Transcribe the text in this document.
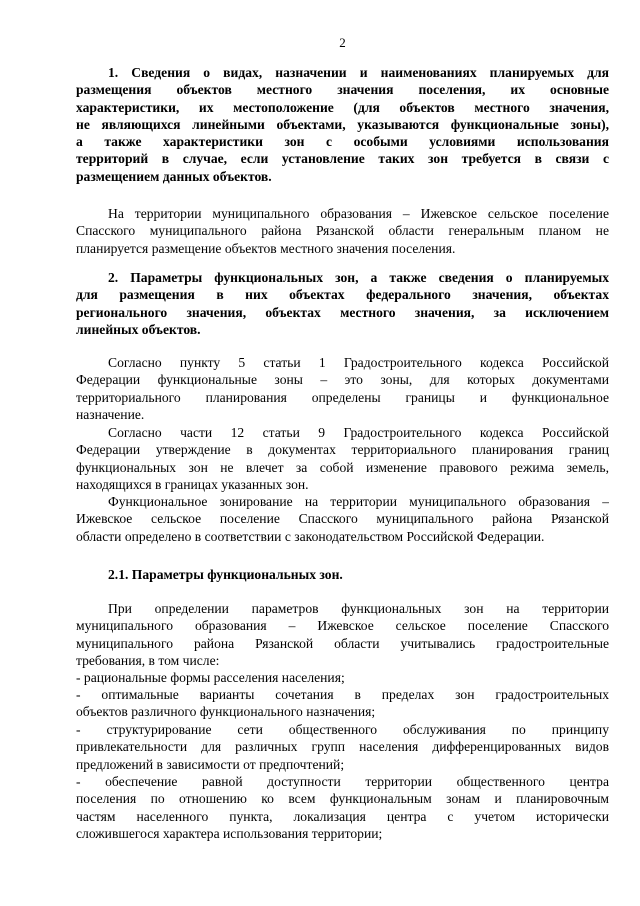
2
1. Сведения о видах, назначении и наименованиях планируемых для
размещения объектов местного значения поселения, их основные
характеристики, их местоположение (для объектов местного значения,
не являющихся линейными объектами, указываются функциональные зоны),
а также характеристики зон с особыми условиями использования
территорий в случае, если установление таких зон требуется в связи с
размещением данных объектов.
На территории муниципального образования – Ижевское сельское поселение
Спасского муниципального района Рязанской области генеральным планом не
планируется размещение объектов местного значения поселения.
2. Параметры функциональных зон, а также сведения о планируемых
для размещения в них объектах федерального значения, объектах
регионального значения, объектах местного значения, за исключением
линейных объектов.
Согласно пункту 5 статьи 1 Градостроительного кодекса Российской
Федерации функциональные зоны – это зоны, для которых документами
территориального планирования определены границы и функциональное
назначение.
Согласно части 12 статьи 9 Градостроительного кодекса Российской
Федерации утверждение в документах территориального планирования границ
функциональных зон не влечет за собой изменение правового режима земель,
находящихся в границах указанных зон.
Функциональное зонирование на территории муниципального образования –
Ижевское сельское поселение Спасского муниципального района Рязанской
области определено в соответствии с законодательством Российской Федерации.
2.1. Параметры функциональных зон.
При определении параметров функциональных зон на территории
муниципального образования – Ижевское сельское поселение Спасского
муниципального района Рязанской области учитывались градостроительные
требования, в том числе:
- рациональные формы расселения населения;
- оптимальные варианты сочетания в пределах зон градостроительных
объектов различного функционального назначения;
- структурирование сети общественного обслуживания по принципу
привлекательности для различных групп населения дифференцированных видов
предложений в зависимости от предпочтений;
- обеспечение равной доступности территории общественного центра
поселения по отношению ко всем функциональным зонам и планировочным
частям населенного пункта, локализация центра с учетом исторически
сложившегося характера использования территории;
